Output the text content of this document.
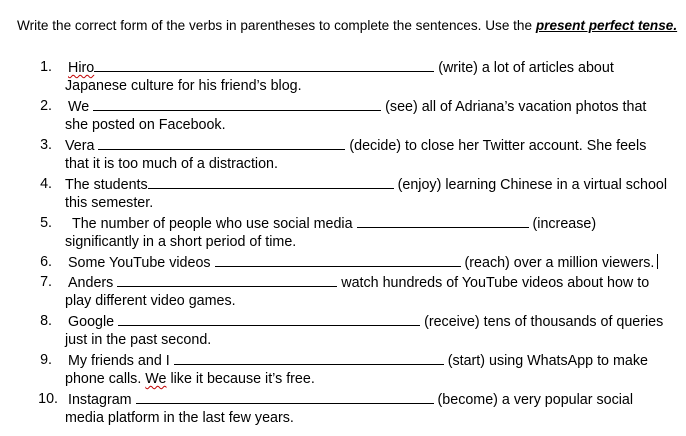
Write the correct form of the verbs in parentheses to complete the sentences. Use the present perfect tense.
1. Hiro	(write) a lot of articles about
Japanese culture for his friend’s blog.
2. We	(see) all of Adriana’s vacation photos that
she posted on Facebook.
3. Vera	(decide) to close her Twitter account. She feels
that it is too much of a distraction.
4. The students	(enjoy) learning Chinese in a virtual school
this semester.
5. The number of people who use social media	(increase)
significantly in a short period of time.
6. Some YouTube videos	(reach) over a million viewers.
7. Anders	watch hundreds of YouTube videos about how to
play different video games.
8. Google	(receive) tens of thousands of queries
just in the past second.
9. My friends and I	(start) using WhatsApp to make
phone calls. We like it because it’s free.
10. Instagram	(become) a very popular social
media platform in the last few years.
